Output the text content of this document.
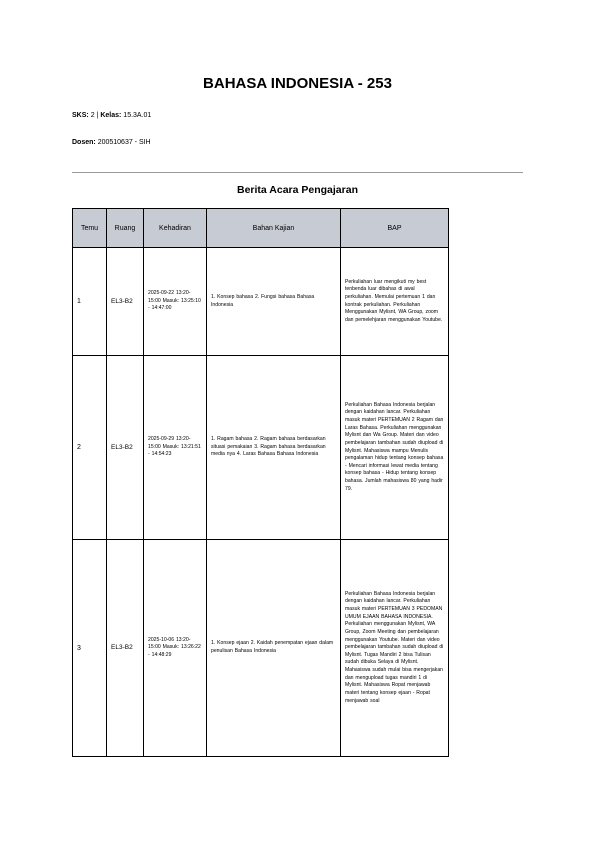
BAHASA INDONESIA - 253

SKS: 2 | Kelas: 15.3A.01

Dosen: 200510637 - SIH

Berita Acara Pengajaran
Temu	Ruang	Kehadiran	Bahan Kajian	BAP
1	EL3-B2	2025-09-22 13:20-15:00 Masuk: 13:25:10 - 14:47:00	1. Konsep bahasa 2. Fungsi bahasa Bahasa Indonesia	Perkuliahan luar mengikuti my best tenbenda luar dibahas di awal perkuliahan. Memulai pertemuan 1 dan kontrak perkuliahan. Perkuliahan Menggunakan Mylisnt, WA Group, zoom dan pemelehjaran menggunakan Youtube.
2	EL3-B2	2025-09-29 13:20-15:00 Masuk: 13:21:51 - 14:54:23	1. Ragam bahasa 2. Ragam bahasa berdasarkan situasi pemakaian 3. Ragam bahasa berdasarkan media nya 4. Laras Bahasa Bahasa Indonesia	Perkuliahan Bahasa Indonesia berjalan dengan kaidahan lancar. Perkuliahan masuk materi PERTEMUAN 2 Ragam dan Laras Bahasa. Perkuliahan menggunakan Mylisnt dan Wa Group. Materi dan video pembelajaran tambahan sudah diupload di Mylisnt. Mahasiswa mampu Menulis pengalaman hidup tentang konsep bahasa - Mencari informasi lewat media tentang konsep bahasa - Hidup tentang konsep bahasa. Jumlah mahasiswa 80 yang hadir 79.
3	EL3-B2	2025-10-06 13:20-15:00 Masuk: 13:26:22 - 14:48:29	1. Konsep ejaan 2. Kaidah penempatan ejaan dalam penulisan Bahasa Indonesia	Perkuliahan Bahasa Indonesia berjalan dengan kaidahan lancar. Perkuliahan masuk materi PERTEMUAN 3 PEDOMAN UMUM EJAAN BAHASA INDONESIA. Perkuliahan menggunakan Mylisnt, WA Group, Zoom Meeting dan pembelajaran menggunakan Youtube. Materi dan video pembelajaran tambahan sudah diupload di Mylisnt. Tugas Mandiri 2 bisa Tulisan sudah dibuka Selaya di Mylisnt. Mahasiswa sudah mulai bisa mengerjakan dan mengupload tugas mandiri 1 di Mylisnt. Mahasiswa Ropat menjawab materi tentang konsep ejaan - Ropat menjawab soal
